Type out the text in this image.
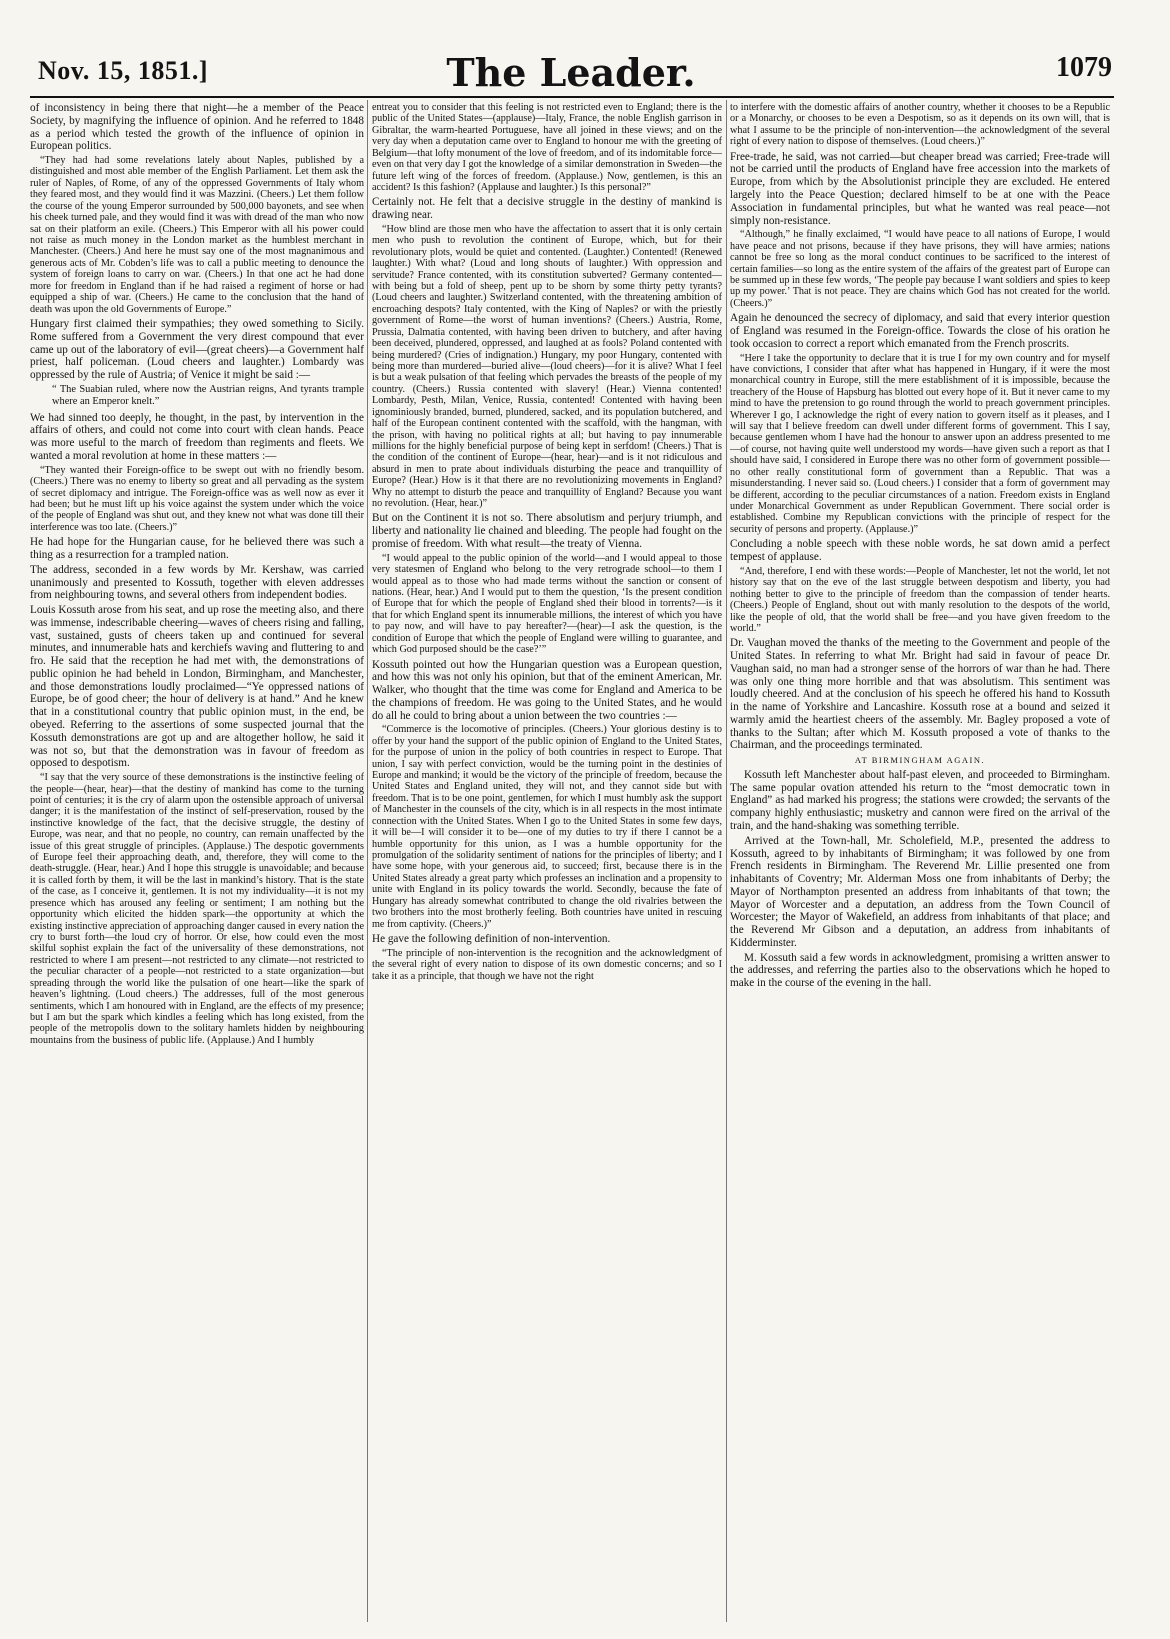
Nov. 15, 1851.]	The Leader.	1079

of inconsistency in being there that night—he a member of the Peace Society, by magnifying the influence of opinion. And he referred to 1848 as a period which tested the growth of the influence of opinion in European politics.

“They had had some revelations lately about Naples, published by a distinguished and most able member of the English Parliament. Let them ask the ruler of Naples, of Rome, of any of the oppressed Governments of Italy whom they feared most, and they would find it was Mazzini. (Cheers.) Let them follow the course of the young Emperor surrounded by 500,000 bayonets, and see when his cheek turned pale, and they would find it was with dread of the man who now sat on their platform an exile. (Cheers.) This Emperor with all his power could not raise as much money in the London market as the humblest merchant in Manchester. (Cheers.) And here he must say one of the most magnanimous and generous acts of Mr. Cobden’s life was to call a public meeting to denounce the system of foreign loans to carry on war. (Cheers.) In that one act he had done more for freedom in England than if he had raised a regiment of horse or had equipped a ship of war. (Cheers.) He came to the conclusion that the hand of death was upon the old Governments of Europe.”

Hungary first claimed their sympathies; they owed something to Sicily. Rome suffered from a Government the very direst compound that ever came up out of the laboratory of evil—(great cheers)—a Government half priest, half policeman. (Loud cheers and laughter.) Lombardy was oppressed by the rule of Austria; of Venice it might be said :—

“ The Suabian ruled, where now the Austrian reigns, And tyrants trample where an Emperor knelt.”

We had sinned too deeply, he thought, in the past, by intervention in the affairs of others, and could not come into court with clean hands. Peace was more useful to the march of freedom than regiments and fleets. We wanted a moral revolution at home in these matters :—

“They wanted their Foreign-office to be swept out with no friendly besom. (Cheers.) There was no enemy to liberty so great and all pervading as the system of secret diplomacy and intrigue. The Foreign-office was as well now as ever it had been; but he must lift up his voice against the system under which the voice of the people of England was shut out, and they knew not what was done till their interference was too late. (Cheers.)”

He had hope for the Hungarian cause, for he believed there was such a thing as a resurrection for a trampled nation.

The address, seconded in a few words by Mr. Kershaw, was carried unanimously and presented to Kossuth, together with eleven addresses from neighbouring towns, and several others from independent bodies.

Louis Kossuth arose from his seat, and up rose the meeting also, and there was immense, indescribable cheering—waves of cheers rising and falling, vast, sustained, gusts of cheers taken up and continued for several minutes, and innumerable hats and kerchiefs waving and fluttering to and fro. He said that the reception he had met with, the demonstrations of public opinion he had beheld in London, Birmingham, and Manchester, and those demonstrations loudly proclaimed—“Ye oppressed nations of Europe, be of good cheer; the hour of delivery is at hand.” And he knew that in a constitutional country that public opinion must, in the end, be obeyed. Referring to the assertions of some suspected journal that the Kossuth demonstrations are got up and are altogether hollow, he said it was not so, but that the demonstration was in favour of freedom as opposed to despotism.

“I say that the very source of these demonstrations is the instinctive feeling of the people—(hear, hear)—that the destiny of mankind has come to the turning point of centuries; it is the cry of alarm upon the ostensible approach of universal danger; it is the manifestation of the instinct of self-preservation, roused by the instinctive knowledge of the fact, that the decisive struggle, the destiny of Europe, was near, and that no people, no country, can remain unaffected by the issue of this great struggle of principles. (Applause.) The despotic governments of Europe feel their approaching death, and, therefore, they will come to the death-struggle. (Hear, hear.) And I hope this struggle is unavoidable; and because it is called forth by them, it will be the last in mankind’s history. That is the state of the case, as I conceive it, gentlemen. It is not my individuality—it is not my presence which has aroused any feeling or sentiment; I am nothing but the opportunity which elicited the hidden spark—the opportunity at which the existing instinctive appreciation of approaching danger caused in every nation the cry to burst forth—the loud cry of horror. Or else, how could even the most skilful sophist explain the fact of the universality of these demonstrations, not restricted to where I am present—not restricted to any climate—not restricted to the peculiar character of a people—not restricted to a state organization—but spreading through the world like the pulsation of one heart—like the spark of heaven’s lightning. (Loud cheers.) The addresses, full of the most generous sentiments, which I am honoured with in England, are the effects of my presence; but I am but the spark which kindles a feeling which has long existed, from the people of the metropolis down to the solitary hamlets hidden by neighbouring mountains from the business of public life. (Applause.) And I humbly

entreat you to consider that this feeling is not restricted even to England; there is the public of the United States—(applause)—Italy, France, the noble English garrison in Gibraltar, the warm-hearted Portuguese, have all joined in these views; and on the very day when a deputation came over to England to honour me with the greeting of Belgium—that lofty monument of the love of freedom, and of its indomitable force—even on that very day I got the knowledge of a similar demonstration in Sweden—the future left wing of the forces of freedom. (Applause.) Now, gentlemen, is this an accident? Is this fashion? (Applause and laughter.) Is this personal?”

Certainly not. He felt that a decisive struggle in the destiny of mankind is drawing near.

“How blind are those men who have the affectation to assert that it is only certain men who push to revolution the continent of Europe, which, but for their revolutionary plots, would be quiet and contented. (Laughter.) Contented! (Renewed laughter.) With what? (Loud and long shouts of laughter.) With oppression and servitude? France contented, with its constitution subverted? Germany contented—with being but a fold of sheep, pent up to be shorn by some thirty petty tyrants? (Loud cheers and laughter.) Switzerland contented, with the threatening ambition of encroaching despots? Italy contented, with the King of Naples? or with the priestly government of Rome—the worst of human inventions? (Cheers.) Austria, Rome, Prussia, Dalmatia contented, with having been driven to butchery, and after having been deceived, plundered, oppressed, and laughed at as fools? Poland contented with being murdered? (Cries of indignation.) Hungary, my poor Hungary, contented with being more than murdered—buried alive—(loud cheers)—for it is alive? What I feel is but a weak pulsation of that feeling which pervades the breasts of the people of my country. (Cheers.) Russia contented with slavery! (Hear.) Vienna contented! Lombardy, Pesth, Milan, Venice, Russia, contented! Contented with having been ignominiously branded, burned, plundered, sacked, and its population butchered, and half of the European continent contented with the scaffold, with the hangman, with the prison, with having no political rights at all; but having to pay innumerable millions for the highly beneficial purpose of being kept in serfdom! (Cheers.) That is the condition of the continent of Europe—(hear, hear)—and is it not ridiculous and absurd in men to prate about individuals disturbing the peace and tranquillity of Europe? (Hear.) How is it that there are no revolutionizing movements in England? Why no attempt to disturb the peace and tranquillity of England? Because you want no revolution. (Hear, hear.)”

But on the Continent it is not so. There absolutism and perjury triumph, and liberty and nationality lie chained and bleeding. The people had fought on the promise of freedom. With what result—the treaty of Vienna.

“I would appeal to the public opinion of the world—and I would appeal to those very statesmen of England who belong to the very retrograde school—to them I would appeal as to those who had made terms without the sanction or consent of nations. (Hear, hear.) And I would put to them the question, ‘Is the present condition of Europe that for which the people of England shed their blood in torrents?—is it that for which England spent its innumerable millions, the interest of which you have to pay now, and will have to pay hereafter?—(hear)—I ask the question, is the condition of Europe that which the people of England were willing to guarantee, and which God purposed should be the case?’”

Kossuth pointed out how the Hungarian question was a European question, and how this was not only his opinion, but that of the eminent American, Mr. Walker, who thought that the time was come for England and America to be the champions of freedom. He was going to the United States, and he would do all he could to bring about a union between the two countries :—

“Commerce is the locomotive of principles. (Cheers.) Your glorious destiny is to offer by your hand the support of the public opinion of England to the United States, for the purpose of union in the policy of both countries in respect to Europe. That union, I say with perfect conviction, would be the turning point in the destinies of Europe and mankind; it would be the victory of the principle of freedom, because the United States and England united, they will not, and they cannot side but with freedom. That is to be one point, gentlemen, for which I must humbly ask the support of Manchester in the counsels of the city, which is in all respects in the most intimate connection with the United States. When I go to the United States in some few days, it will be—I will consider it to be—one of my duties to try if there I cannot be a humble opportunity for this union, as I was a humble opportunity for the promulgation of the solidarity sentiment of nations for the principles of liberty; and I have some hope, with your generous aid, to succeed; first, because there is in the United States already a great party which professes an inclination and a propensity to unite with England in its policy towards the world. Secondly, because the fate of Hungary has already somewhat contributed to change the old rivalries between the two brothers into the most brotherly feeling. Both countries have united in rescuing me from captivity. (Cheers.)”

He gave the following definition of non-intervention.

“The principle of non-intervention is the recognition and the acknowledgment of the several right of every nation to dispose of its own domestic concerns; and so I take it as a principle, that though we have not the right

to interfere with the domestic affairs of another country, whether it chooses to be a Republic or a Monarchy, or chooses to be even a Despotism, so as it depends on its own will, that is what I assume to be the principle of non-intervention—the acknowledgment of the several right of every nation to dispose of themselves. (Loud cheers.)”

Free-trade, he said, was not carried—but cheaper bread was carried; Free-trade will not be carried until the products of England have free accession into the markets of Europe, from which by the Absolutionist principle they are excluded. He entered largely into the Peace Question; declared himself to be at one with the Peace Association in fundamental principles, but what he wanted was real peace—not simply non-resistance.

“Although,” he finally exclaimed, “I would have peace to all nations of Europe, I would have peace and not prisons, because if they have prisons, they will have armies; nations cannot be free so long as the moral conduct continues to be sacrificed to the interest of certain families—so long as the entire system of the affairs of the greatest part of Europe can be summed up in these few words, ‘The people pay because I want soldiers and spies to keep up my power.’ That is not peace. They are chains which God has not created for the world. (Cheers.)”

Again he denounced the secrecy of diplomacy, and said that every interior question of England was resumed in the Foreign-office. Towards the close of his oration he took occasion to correct a report which emanated from the French proscrits.

“Here I take the opportunity to declare that it is true I for my own country and for myself have convictions, I consider that after what has happened in Hungary, if it were the most monarchical country in Europe, still the mere establishment of it is impossible, because the treachery of the House of Hapsburg has blotted out every hope of it. But it never came to my mind to have the pretension to go round through the world to preach government principles. Wherever I go, I acknowledge the right of every nation to govern itself as it pleases, and I will say that I believe freedom can dwell under different forms of government. This I say, because gentlemen whom I have had the honour to answer upon an address presented to me—of course, not having quite well understood my words—have given such a report as that I should have said, I considered in Europe there was no other form of government possible—no other really constitutional form of government than a Republic. That was a misunderstanding. I never said so. (Loud cheers.) I consider that a form of government may be different, according to the peculiar circumstances of a nation. Freedom exists in England under Monarchical Government as under Republican Government. There social order is established. Combine my Republican convictions with the principle of respect for the security of persons and property. (Applause.)”

Concluding a noble speech with these noble words, he sat down amid a perfect tempest of applause.

“And, therefore, I end with these words:—People of Manchester, let not the world, let not history say that on the eve of the last struggle between despotism and liberty, you had nothing better to give to the principle of freedom than the compassion of tender hearts. (Cheers.) People of England, shout out with manly resolution to the despots of the world, like the people of old, that the world shall be free—and you have given freedom to the world.”

Dr. Vaughan moved the thanks of the meeting to the Government and people of the United States. In referring to what Mr. Bright had said in favour of peace Dr. Vaughan said, no man had a stronger sense of the horrors of war than he had. There was only one thing more horrible and that was absolutism. This sentiment was loudly cheered. And at the conclusion of his speech he offered his hand to Kossuth in the name of Yorkshire and Lancashire. Kossuth rose at a bound and seized it warmly amid the heartiest cheers of the assembly. Mr. Bagley proposed a vote of thanks to the Sultan; after which M. Kossuth proposed a vote of thanks to the Chairman, and the proceedings terminated.

AT BIRMINGHAM AGAIN.

Kossuth left Manchester about half-past eleven, and proceeded to Birmingham. The same popular ovation attended his return to the “most democratic town in England” as had marked his progress; the stations were crowded; the servants of the company highly enthusiastic; musketry and cannon were fired on the arrival of the train, and the hand-shaking was something terrible.

Arrived at the Town-hall, Mr. Scholefield, M.P., presented the address to Kossuth, agreed to by inhabitants of Birmingham; it was followed by one from French residents in Birmingham. The Reverend Mr. Lillie presented one from inhabitants of Coventry; Mr. Alderman Moss one from inhabitants of Derby; the Mayor of Northampton presented an address from inhabitants of that town; the Mayor of Worcester and a deputation, an address from the Town Council of Worcester; the Mayor of Wakefield, an address from inhabitants of that place; and the Reverend Mr Gibson and a deputation, an address from inhabitants of Kidderminster.

M. Kossuth said a few words in acknowledgment, promising a written answer to the addresses, and referring the parties also to the observations which he hoped to make in the course of the evening in the hall.
